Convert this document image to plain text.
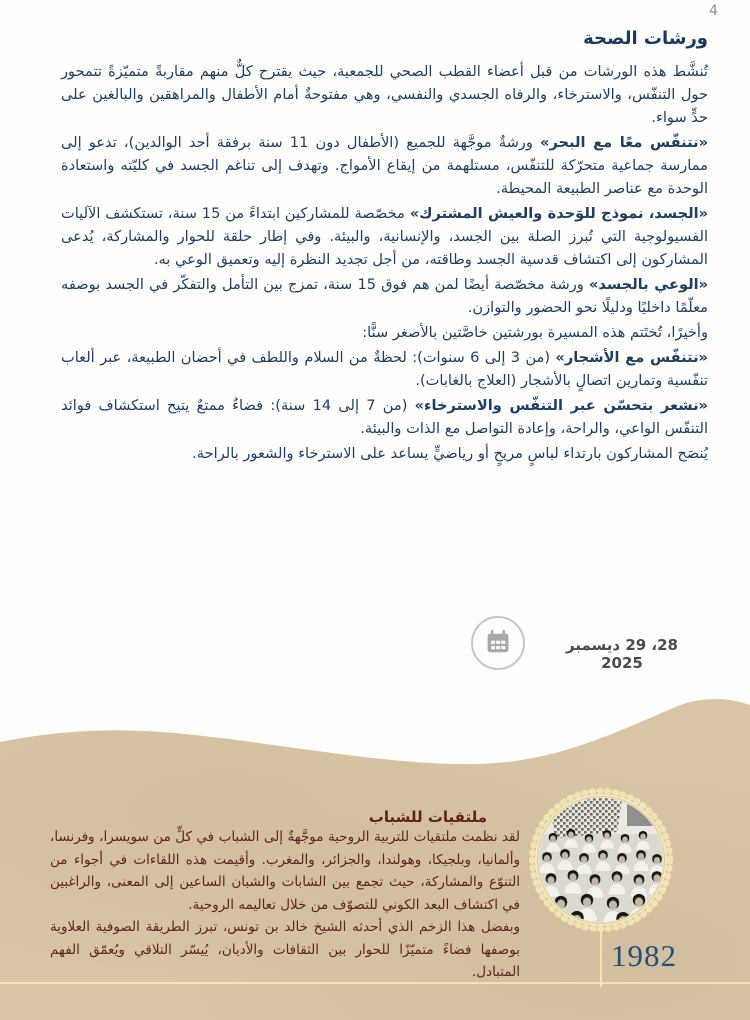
4
ورشات الصحة

تُنشَّط هذه الورشات من قبل أعضاء القطب الصحي للجمعية، حيث يقترح كلٌّ منهم مقاربةً متميّزةً تتمحور حول التنفّس، والاسترخاء، والرفاه الجسدي والنفسي، وهي مفتوحةٌ أمام الأطفال والمراهقين والبالغين على حدٍّ سواء.

«نتنفّس معًا مع البحر» ورشةٌ موجَّهة للجميع (الأطفال دون 11 سنة برفقة أحد الوالدين)، تدعو إلى ممارسة جماعية متحرّكة للتنفّس، مستلهمة من إيقاع الأمواج. وتهدف إلى تناغم الجسد في كليّته واستعادة الوحدة مع عناصر الطبيعة المحيطة.

«الجسد، نموذج للوَحدة والعيش المشترك» مخصّصة للمشاركين ابتداءً من 15 سنة، تستكشف الآليات الفسيولوجية التي تُبرز الصلة بين الجسد، والإنسانية، والبيئة. وفي إطار حلقة للحوار والمشاركة، يُدعى المشاركون إلى اكتشاف قدسية الجسد وطاقته، من أجل تجديد النظرة إليه وتعميق الوعي به.

«الوعي بالجسد» ورشة مخصّصة أيضًا لمن هم فوق 15 سنة، تمزج بين التأمل والتفكّر في الجسد بوصفه معلّمًا داخليًا ودليلًا نحو الحضور والتوازن.

وأخيرًا، تُختَتم هذه المسيرة بورشتين خاصَّتين بالأصغر سنًّا:

«نتنفّس مع الأشجار» (من 3 إلى 6 سنوات): لحظةٌ من السلام واللطف في أحضان الطبيعة، عبر ألعاب تنفّسية وتمارين اتصالٍ بالأشجار (العلاج بالغابات).

«نشعر بتحسّن عبر التنفّس والاسترخاء» (من 7 إلى 14 سنة): فضاءٌ ممتعٌ يتيح استكشاف فوائد التنفّس الواعي، والراحة، وإعادة التواصل مع الذات والبيئة.

يُنصَح المشاركون بارتداء لباسٍ مريحٍ أو رياضيٍّ يساعد على الاسترخاء والشعور بالراحة.

28، 29 ديسمبر 2025
ملتقيات للشباب

لقد نظمت ملتقيات للتربية الروحية موجَّهةٌ إلى الشباب في كلٍّ من سويسرا، وفرنسا، وألمانيا، وبلجيكا، وهولندا، والجزائر، والمغرب. وأقيمت هذه اللقاءات في أجواء من التنوّع والمشاركة، حيث تجمع بين الشابات والشبان الساعين إلى المعنى، والراغبين في اكتشاف البعد الكوني للتصوّف من خلال تعاليمه الروحية.

وبفضل هذا الزخم الذي أحدثه الشيخ خالد بن تونس، تبرز الطريقة الصوفية العلاوية بوصفها فضاءً متميّزًا للحوار بين الثقافات والأديان، يُيسّر التلاقي ويُعمّق الفهم المتبادل.	1982
